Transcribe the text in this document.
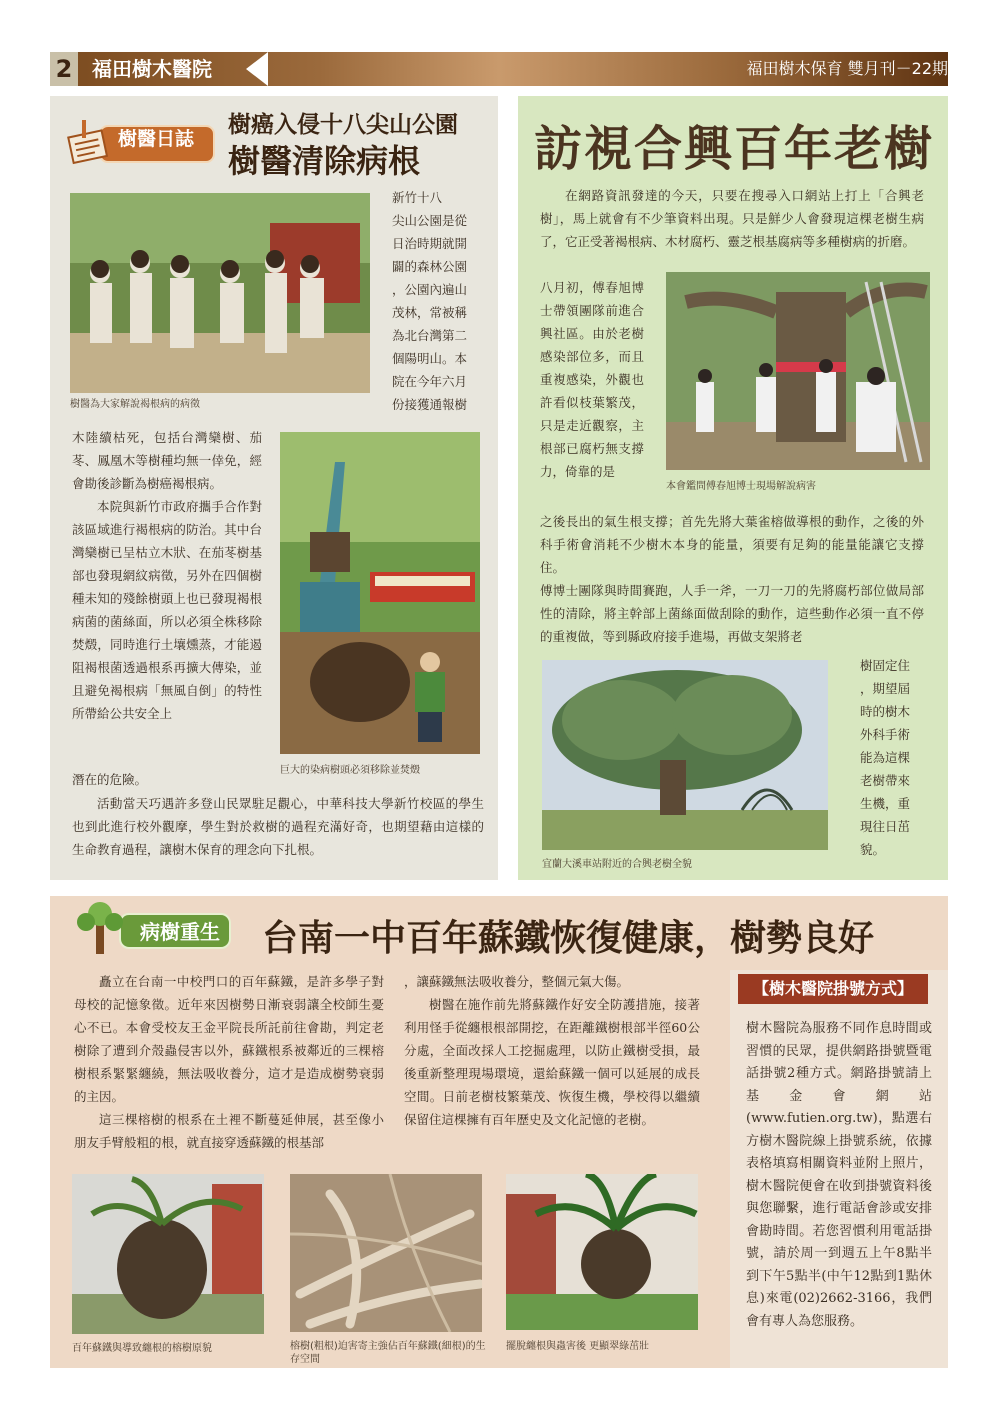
2 福田樹木醫院	福田樹木保育 雙月刊－22期
樹醫日誌
樹癌入侵十八尖山公園
樹醫清除病根
樹醫為大家解說褐根病的病徵
新竹十八
尖山公園是從
日治時期就開
闢的森林公園
，公園內遍山
茂林，常被稱
為北台灣第二
個陽明山。本
院在今年六月
份接獲通報樹

木陸續枯死，包括台灣欒樹、茄苳、鳳凰木等樹種均無一倖免，經會勘後診斷為樹癌褐根病。

本院與新竹市政府攜手合作對該區域進行褐根病的防治。其中台灣欒樹已呈枯立木狀、在茄苳樹基部也發現網紋病徵，另外在四個樹種未知的殘餘樹頭上也已發現褐根病菌的菌絲面，所以必須全株移除焚燬，同時進行土壤燻蒸，才能遏阻褐根菌透過根系再擴大傳染，並且避免褐根病「無風自倒」的特性所帶給公共安全上

潛在的危險。
巨大的染病樹頭必須移除並焚燬
活動當天巧遇許多登山民眾駐足觀心，中華科技大學新竹校區的學生也到此進行校外觀摩，學生對於救樹的過程充滿好奇，也期望藉由這樣的生命教育過程，讓樹木保育的理念向下扎根。
訪視合興百年老樹
在網路資訊發達的今天，只要在搜尋入口網站上打上「合興老樹」，馬上就會有不少筆資料出現。只是鮮少人會發現這棵老樹生病了，它正受著褐根病、木材腐朽、靈芝根基腐病等多種樹病的折磨。
八月初，傅春旭博士帶領團隊前進合興社區。由於老樹感染部位多，而且重複感染，外觀也許看似枝葉繁茂，只是走近觀察，主根部已腐朽無支撐力，倚靠的是
本會鑑問傅春旭博士現場解說病害

之後長出的氣生根支撐；首先先將大葉雀榕做導根的動作，之後的外科手術會消耗不少樹木本身的能量，須要有足夠的能量能讓它支撐住。

傅博士團隊與時間賽跑，人手一斧，一刀一刀的先將腐朽部位做局部性的清除，將主幹部上菌絲面做刮除的動作，這些動作必須一直不停的重複做，等到縣政府接手進場，再做支架將老

宜蘭大溪車站附近的合興老樹全貌
樹固定住
，期望屆
時的樹木
外科手術
能為這棵
老樹帶來
生機，重
現往日茁
貌。
病樹重生 台南一中百年蘇鐵恢復健康，樹勢良好

矗立在台南一中校門口的百年蘇鐵，是許多學子對母校的記憶象徵。近年來因樹勢日漸衰弱讓全校師生憂心不已。本會受校友王金平院長所託前往會勘，判定老樹除了遭到介殼蟲侵害以外，蘇鐵根系被鄰近的三棵榕樹根系緊緊纏繞，無法吸收養分，這才是造成樹勢衰弱的主因。

這三棵榕樹的根系在土裡不斷蔓延伸展，甚至像小朋友手臂般粗的根，就直接穿透蘇鐵的根基部

，讓蘇鐵無法吸收養分，整個元氣大傷。

樹醫在施作前先將蘇鐵作好安全防護措施，接著利用怪手從纏根根部開挖，在距離鐵樹根部半徑60公分處，全面改採人工挖掘處理，以防止鐵樹受損，最後重新整理現場環境，還給蘇鐵一個可以延展的成長空間。日前老樹枝繁葉茂、恢復生機，學校得以繼續保留住這棵擁有百年歷史及文化記憶的老樹。

百年蘇鐵與導致纏根的榕樹原貌	榕樹(粗根)迫害寄主強佔百年蘇鐵(細根)的生存空間
擺脫纏根與蟲害後 更顯翠綠茁壯
【樹木醫院掛號方式】
樹木醫院為服務不同作息時間或習慣的民眾，提供網路掛號暨電話掛號2種方式。網路掛號請上基金會網站(www.futien.org.tw)，點選右方樹木醫院線上掛號系統，依據表格填寫相關資料並附上照片，樹木醫院便會在收到掛號資料後與您聯繫，進行電話會診或安排會勘時間。若您習慣利用電話掛號，請於周一到週五上午8點半到下午5點半(中午12點到1點休息)來電(02)2662-3166，我們會有專人為您服務。
